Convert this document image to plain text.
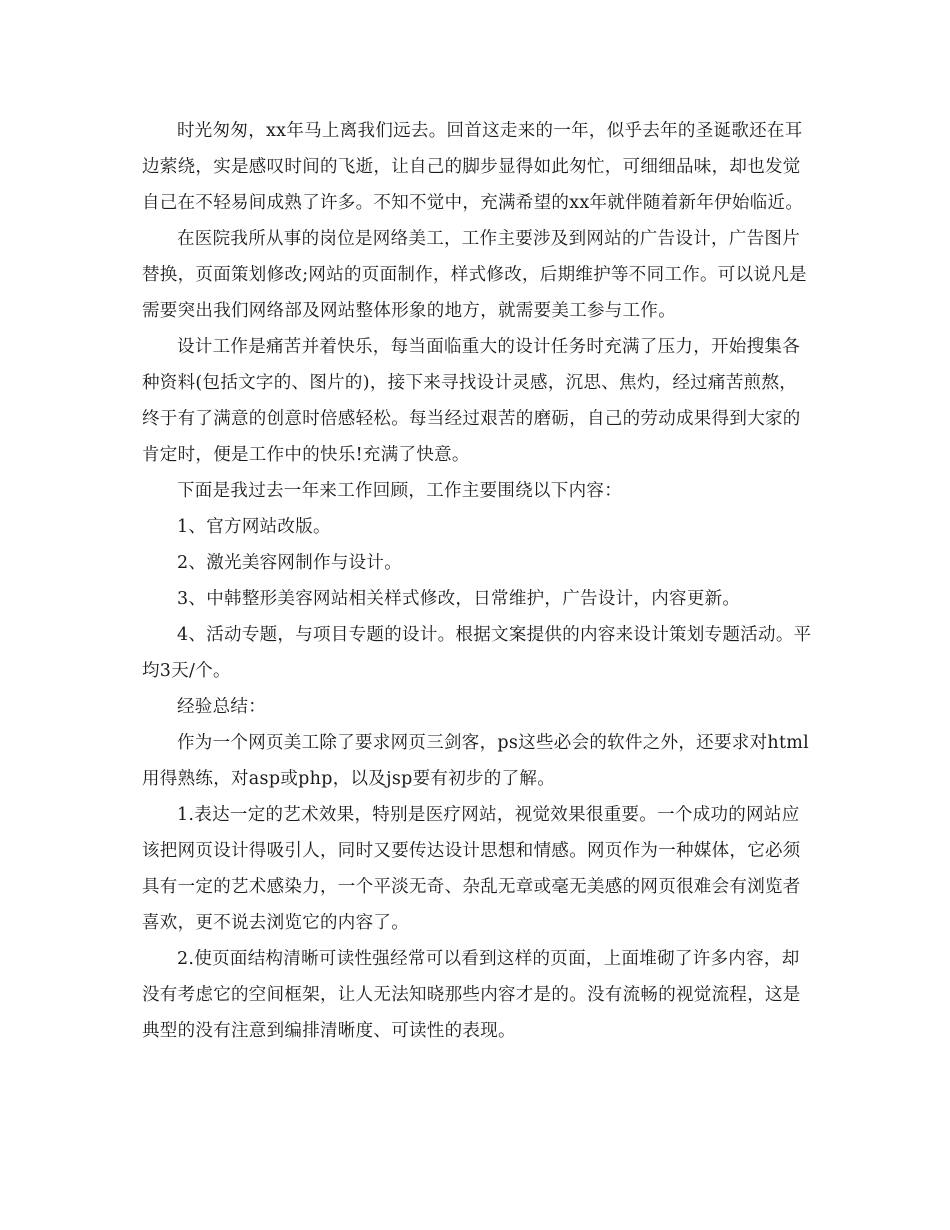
时光匆匆，xx年马上离我们远去。回首这走来的一年，似乎去年的圣诞歌还在耳边萦绕，实是感叹时间的飞逝，让自己的脚步显得如此匆忙，可细细品味，却也发觉自己在不轻易间成熟了许多。不知不觉中，充满希望的xx年就伴随着新年伊始临近。

在医院我所从事的岗位是网络美工，工作主要涉及到网站的广告设计，广告图片替换，页面策划修改;网站的页面制作，样式修改，后期维护等不同工作。可以说凡是需要突出我们网络部及网站整体形象的地方，就需要美工参与工作。

设计工作是痛苦并着快乐，每当面临重大的设计任务时充满了压力，开始搜集各种资料(包括文字的、图片的)，接下来寻找设计灵感，沉思、焦灼，经过痛苦煎熬，终于有了满意的创意时倍感轻松。每当经过艰苦的磨砺，自己的劳动成果得到大家的肯定时，便是工作中的快乐!充满了快意。

下面是我过去一年来工作回顾，工作主要围绕以下内容：

1、官方网站改版。

2、激光美容网制作与设计。

3、中韩整形美容网站相关样式修改，日常维护，广告设计，内容更新。

4、活动专题，与项目专题的设计。根据文案提供的内容来设计策划专题活动。平均3天/个。

经验总结：

作为一个网页美工除了要求网页三剑客，ps这些必会的软件之外，还要求对html用得熟练，对asp或php，以及jsp要有初步的了解。

1.表达一定的艺术效果，特别是医疗网站，视觉效果很重要。一个成功的网站应该把网页设计得吸引人，同时又要传达设计思想和情感。网页作为一种媒体，它必须具有一定的艺术感染力，一个平淡无奇、杂乱无章或毫无美感的网页很难会有浏览者喜欢，更不说去浏览它的内容了。

2.使页面结构清晰可读性强经常可以看到这样的页面，上面堆砌了许多内容，却没有考虑它的空间框架，让人无法知晓那些内容才是的。没有流畅的视觉流程，这是典型的没有注意到编排清晰度、可读性的表现。
